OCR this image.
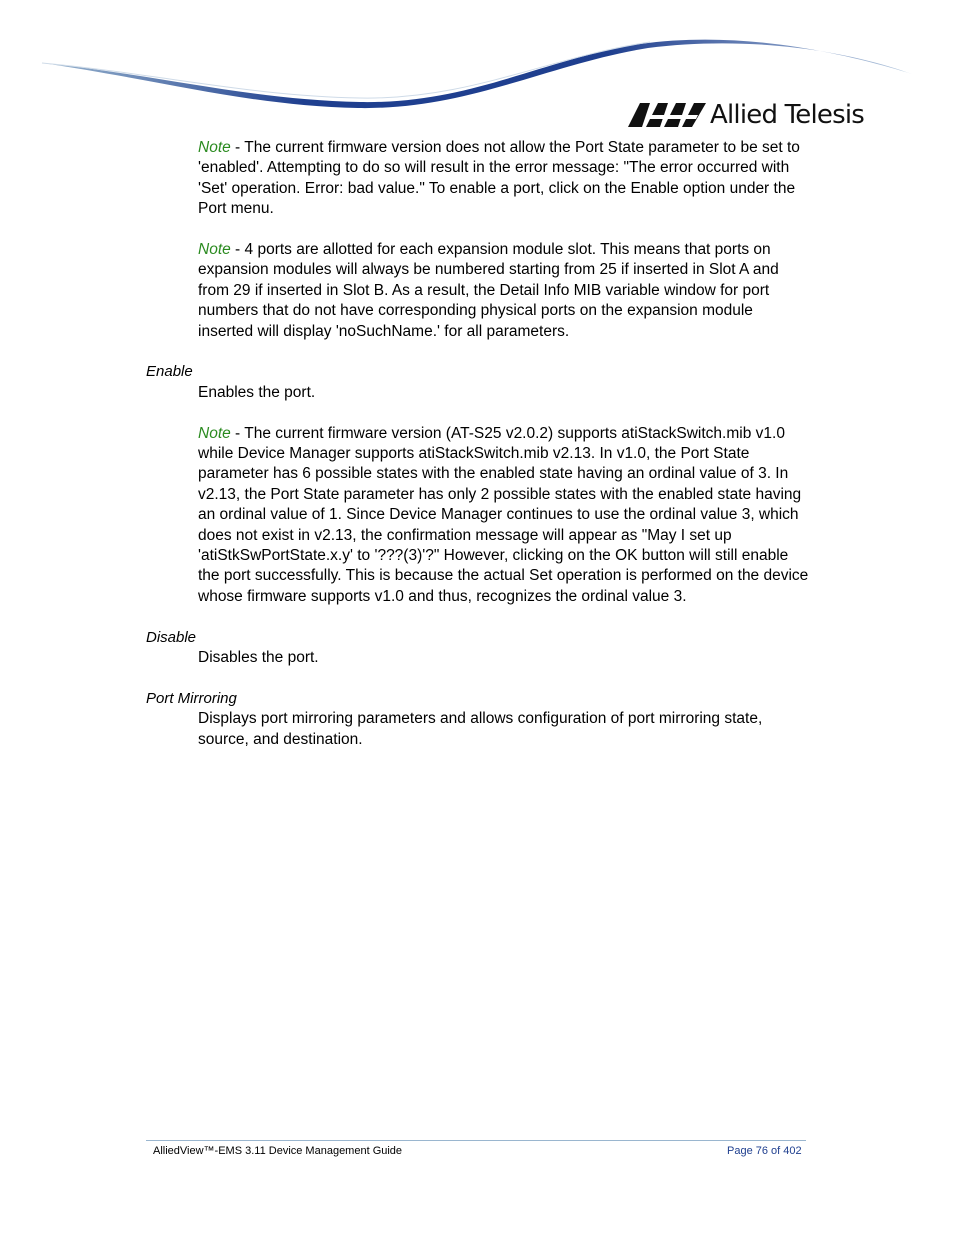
Allied Telesis
Note - The current firmware version does not allow the Port State parameter to be set to 'enabled'. Attempting to do so will result in the error message: "The error occurred with 'Set' operation. Error: bad value." To enable a port, click on the Enable option under the Port menu.
Note - 4 ports are allotted for each expansion module slot. This means that ports on expansion modules will always be numbered starting from 25 if inserted in Slot A and from 29 if inserted in Slot B. As a result, the Detail Info MIB variable window for port numbers that do not have corresponding physical ports on the expansion module inserted will display 'noSuchName.' for all parameters.
Enable
Enables the port.
Note - The current firmware version (AT-S25 v2.0.2) supports atiStackSwitch.mib v1.0 while Device Manager supports atiStackSwitch.mib v2.13. In v1.0, the Port State parameter has 6 possible states with the enabled state having an ordinal value of 3. In v2.13, the Port State parameter has only 2 possible states with the enabled state having an ordinal value of 1. Since Device Manager continues to use the ordinal value 3, which does not exist in v2.13, the confirmation message will appear as "May I set up 'atiStkSwPortState.x.y' to '???(3)'?" However, clicking on the OK button will still enable the port successfully. This is because the actual Set operation is performed on the device whose firmware supports v1.0 and thus, recognizes the ordinal value 3.
Disable
Disables the port.
Port Mirroring
Displays port mirroring parameters and allows configuration of port mirroring state, source, and destination.
AlliedView™-EMS 3.11 Device Management Guide	Page 76 of 402
